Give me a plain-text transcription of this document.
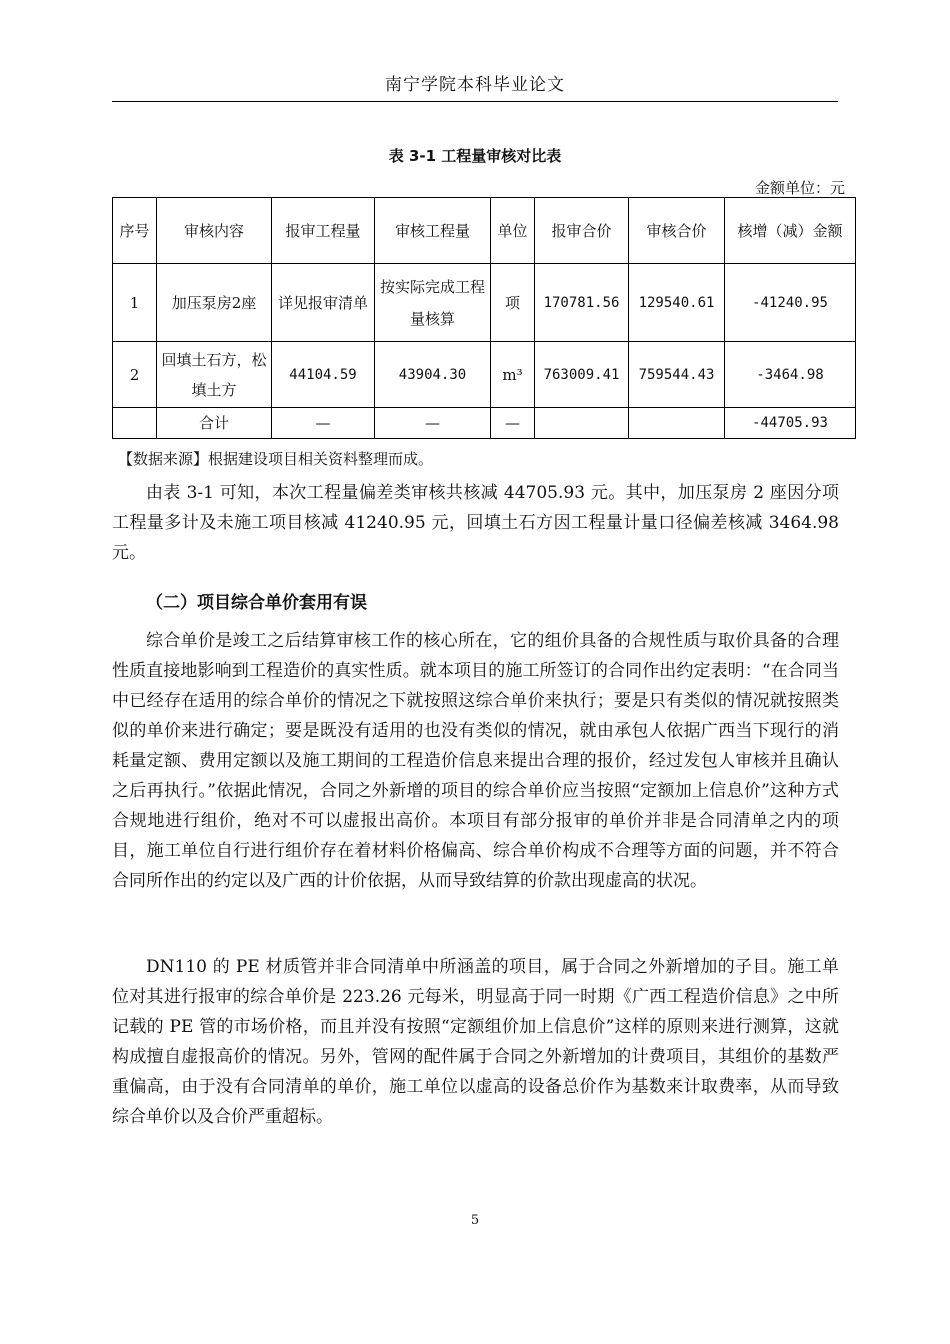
南宁学院本科毕业论文
表 3-1 工程量审核对比表
金额单位：元
序号	审核内容	报审工程量	审核工程量	单位	报审合价	审核合价	核增（减）金额
1	加压泵房2座	详见报审清单	按实际完成工程量核算	项	170781.56	129540.61	-41240.95
2	回填土石方，松填土方	44104.59	43904.30	m³	763009.41	759544.43	-3464.98
	合计	—	—	—			-44705.93
【数据来源】根据建设项目相关资料整理而成。

由表 3-1 可知，本次工程量偏差类审核共核减 44705.93 元。其中，加压泵房 2 座因分项工程量多计及未施工项目核减 41240.95 元，回填土石方因工程量计量口径偏差核减 3464.98 元。

（二）项目综合单价套用有误

综合单价是竣工之后结算审核工作的核心所在，它的组价具备的合规性质与取价具备的合理性质直接地影响到工程造价的真实性质。就本项目的施工所签订的合同作出约定表明：“在合同当中已经存在适用的综合单价的情况之下就按照这综合单价来执行；要是只有类似的情况就按照类似的单价来进行确定；要是既没有适用的也没有类似的情况，就由承包人依据广西当下现行的消耗量定额、费用定额以及施工期间的工程造价信息来提出合理的报价，经过发包人审核并且确认之后再执行。”依据此情况，合同之外新增的项目的综合单价应当按照“定额加上信息价”这种方式合规地进行组价，绝对不可以虚报出高价。本项目有部分报审的单价并非是合同清单之内的项目，施工单位自行进行组价存在着材料价格偏高、综合单价构成不合理等方面的问题，并不符合合同所作出的约定以及广西的计价依据，从而导致结算的价款出现虚高的状况。

DN110 的 PE 材质管并非合同清单中所涵盖的项目，属于合同之外新增加的子目。施工单位对其进行报审的综合单价是 223.26 元每米，明显高于同一时期《广西工程造价信息》之中所记载的 PE 管的市场价格，而且并没有按照“定额组价加上信息价”这样的原则来进行测算，这就构成擅自虚报高价的情况。另外，管网的配件属于合同之外新增加的计费项目，其组价的基数严重偏高，由于没有合同清单的单价，施工单位以虚高的设备总价作为基数来计取费率，从而导致综合单价以及合价严重超标。

5
